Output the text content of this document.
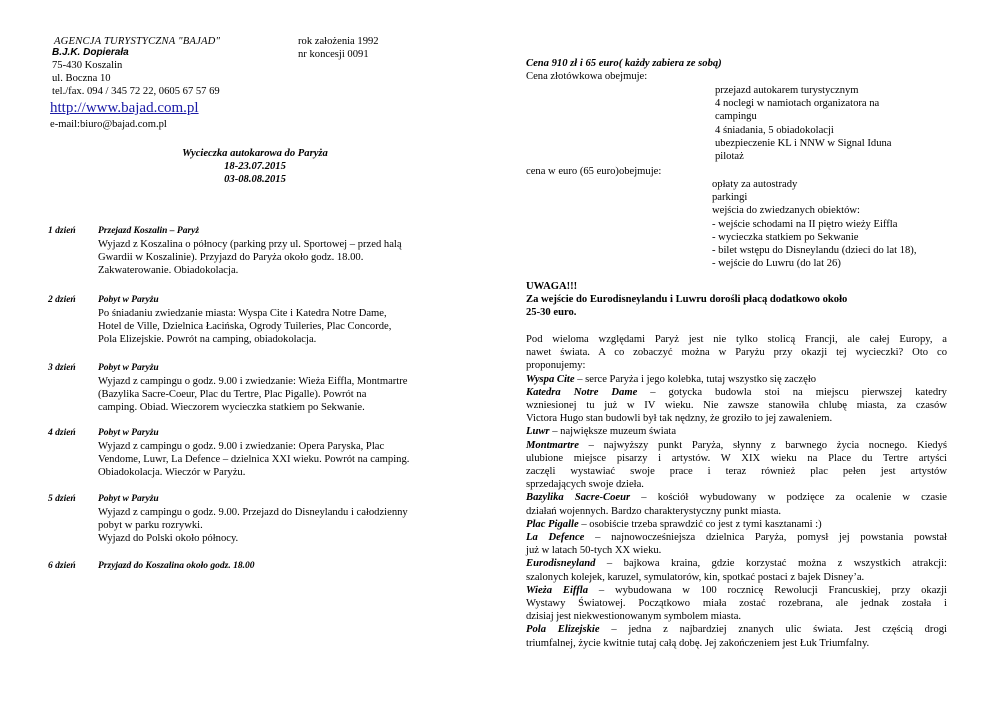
AGENCJA TURYSTYCZNA "BAJAD"	rok założenia 1992
nr koncesji 0091
B.J.K. Dopierała
75-430 Koszalin
ul. Boczna 10
tel./fax. 094 / 345 72 22, 0605 67 57 69
http://www.bajad.com.pl
e-mail:biuro@bajad.com.pl
Wycieczka autokarowa do Paryża
18-23.07.2015
03-08.08.2015
1 dzień	Przejazd Koszalin – Paryż
Wyjazd z Koszalina o północy (parking przy ul. Sportowej – przed halą
Gwardii w Koszalinie). Przyjazd do Paryża około godz. 18.00.
Zakwaterowanie. Obiadokolacja.
2 dzień	Pobyt w Paryżu
Po śniadaniu zwiedzanie miasta: Wyspa Cite i Katedra Notre Dame,
Hotel de Ville, Dzielnica Łacińska, Ogrody Tuileries, Plac Concorde,
Pola Elizejskie. Powrót na camping, obiadokolacja.
3 dzień	Pobyt w Paryżu
Wyjazd z campingu o godz. 9.00 i zwiedzanie: Wieża Eiffla, Montmartre
(Bazylika Sacre-Coeur, Plac du Tertre, Plac Pigalle). Powrót na
camping. Obiad. Wieczorem wycieczka statkiem po Sekwanie.
4 dzień	Pobyt w Paryżu
Wyjazd z campingu o godz. 9.00 i zwiedzanie: Opera Paryska, Plac
Vendome, Luwr, La Defence – dzielnica XXI wieku. Powrót na camping.
Obiadokolacja. Wieczór w Paryżu.
5 dzień	Pobyt w Paryżu
Wyjazd z campingu o godz. 9.00. Przejazd do Disneylandu i całodzienny
pobyt w parku rozrywki.
Wyjazd do Polski około północy.
6 dzień	Przyjazd do Koszalina około godz. 18.00
Cena 910 zł i 65 euro( każdy zabiera ze sobą)
Cena złotówkowa obejmuje:
przejazd autokarem turystycznym
4 noclegi w namiotach organizatora na
campingu
4 śniadania, 5 obiadokolacji
ubezpieczenie KL i NNW w Signal Iduna
pilotaż
cena w euro (65 euro)obejmuje:
opłaty za autostrady
parkingi
wejścia do zwiedzanych obiektów:
- wejście schodami na II piętro wieży Eiffla
- wycieczka statkiem po Sekwanie
- bilet wstępu do Disneylandu (dzieci do lat 18),
- wejście do Luwru (do lat 26)
UWAGA!!!
Za wejście do Eurodisneylandu i Luwru dorośli płacą dodatkowo około
25-30 euro.
Pod wieloma względami Paryż jest nie tylko stolicą Francji, ale całej Europy, a
nawet świata. A co zobaczyć można w Paryżu przy okazji tej wycieczki? Oto co
proponujemy:
Wyspa Cite – serce Paryża i jego kolebka, tutaj wszystko się zaczęło
Katedra Notre Dame – gotycka budowla stoi na miejscu pierwszej katedry
wzniesionej tu już w IV wieku. Nie zawsze stanowiła chlubę miasta, za czasów
Victora Hugo stan budowli był tak nędzny, że groziło to jej zawaleniem.
Luwr – największe muzeum świata
Montmartre – najwyższy punkt Paryża, słynny z barwnego życia nocnego. Kiedyś
ulubione miejsce pisarzy i artystów. W XIX wieku na Place du Tertre artyści
zaczęli wystawiać swoje prace i teraz również plac pełen jest artystów
sprzedających swoje dzieła.
Bazylika Sacre-Coeur – kościół wybudowany w podzięce za ocalenie w czasie
działań wojennych. Bardzo charakterystyczny punkt miasta.
Plac Pigalle – osobiście trzeba sprawdzić co jest z tymi kasztanami :)
La Defence – najnowocześniejsza dzielnica Paryża, pomysł jej powstania powstał
już w latach 50-tych XX wieku.
Eurodisneyland – bajkowa kraina, gdzie korzystać można z wszystkich atrakcji:
szalonych kolejek, karuzel, symulatorów, kin, spotkać postaci z bajek Disney’a.
Wieża Eiffla – wybudowana w 100 rocznicę Rewolucji Francuskiej, przy okazji
Wystawy Światowej. Początkowo miała zostać rozebrana, ale jednak została i
dzisiaj jest niekwestionowanym symbolem miasta.
Pola Elizejskie – jedna z najbardziej znanych ulic świata. Jest częścią drogi
triumfalnej, życie kwitnie tutaj całą dobę. Jej zakończeniem jest Łuk Triumfalny.
